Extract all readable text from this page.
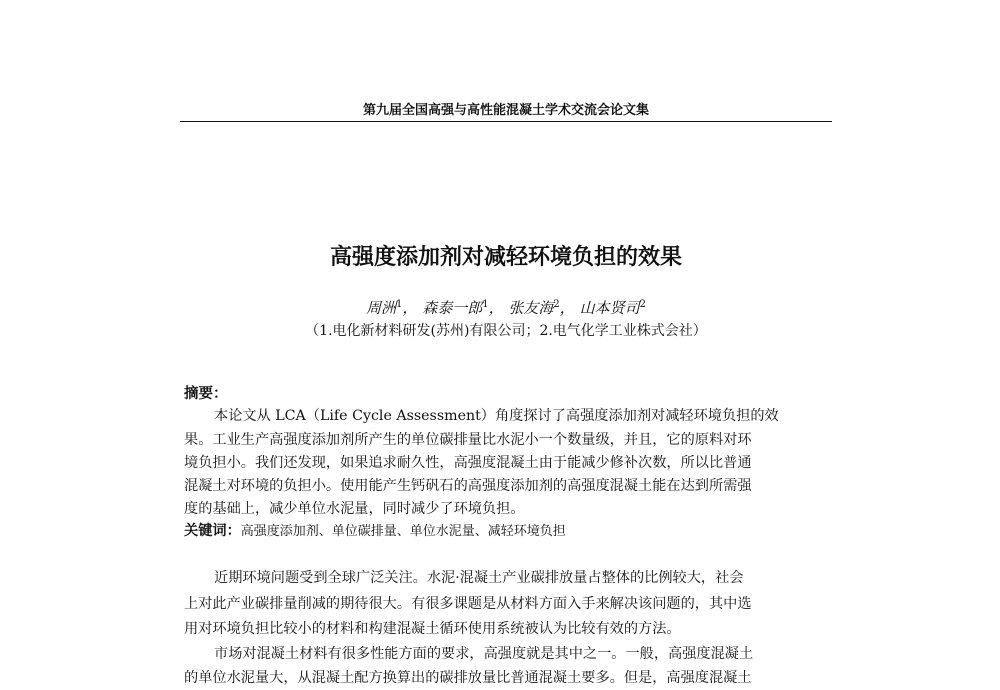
第九届全国高强与高性能混凝土学术交流会论文集
高强度添加剂对减轻环境负担的效果
周洲$^1$， 森泰一郎$^1$， 张友海$^2$， 山本贤司$^2$
（1.电化新材料研发(苏州)有限公司；2.电气化学工业株式会社）
摘要：
本论文从 LCA（Life Cycle Assessment）角度探讨了高强度添加剂对减轻环境负担的效
果。工业生产高强度添加剂所产生的单位碳排量比水泥小一个数量级，并且，它的原料对环
境负担小。我们还发现，如果追求耐久性，高强度混凝土由于能减少修补次数，所以比普通
混凝土对环境的负担小。使用能产生钙矾石的高强度添加剂的高强度混凝土能在达到所需强
度的基础上，减少单位水泥量，同时减少了环境负担。
关键词：高强度添加剂、单位碳排量、单位水泥量、减轻环境负担
近期环境问题受到全球广泛关注。水泥·混凝土产业碳排放量占整体的比例较大，社会
上对此产业碳排量削减的期待很大。有很多课题是从材料方面入手来解决该问题的，其中选
用对环境负担比较小的材料和构建混凝土循环使用系统被认为比较有效的方法。
市场对混凝土材料有很多性能方面的要求，高强度就是其中之一。一般，高强度混凝土
的单位水泥量大，从混凝土配方换算出的碳排放量比普通混凝土要多。但是，高强度混凝土
